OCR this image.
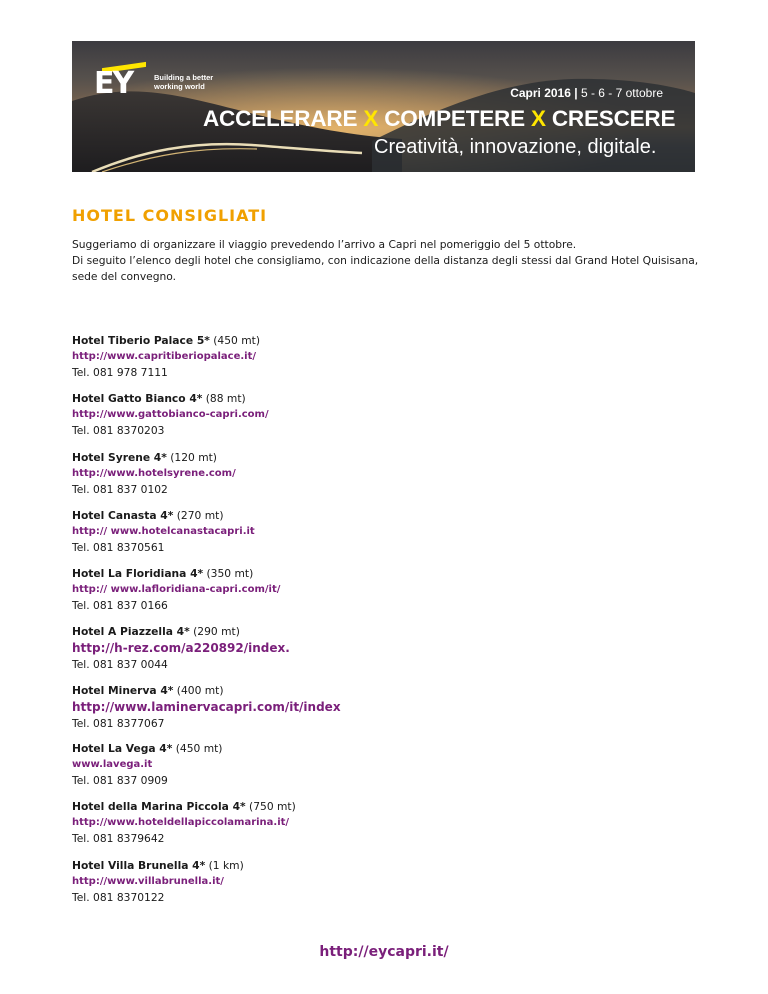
EY	Building a better working world	Capri 2016 | 5 - 6 - 7 ottobre
ACCELERARE X COMPETERE X CRESCERE
Creatività, innovazione, digitale.
HOTEL CONSIGLIATI

Suggeriamo di organizzare il viaggio prevedendo l’arrivo a Capri nel pomeriggio del 5 ottobre.

Di seguito l’elenco degli hotel che consigliamo, con indicazione della distanza degli stessi dal Grand Hotel Quisisana, sede del convegno.

Hotel Tiberio Palace 5* (450 mt)
http://www.capritiberiopalace.it/
Tel. 081 978 7111
Hotel Gatto Bianco 4* (88 mt)
http://www.gattobianco-capri.com/
Tel. 081 8370203
Hotel Syrene 4* (120 mt)
http://www.hotelsyrene.com/
Tel. 081 837 0102
Hotel Canasta 4* (270 mt)
http:// www.hotelcanastacapri.it
Tel. 081 8370561
Hotel La Floridiana 4* (350 mt)
http:// www.lafloridiana-capri.com/it/
Tel. 081 837 0166
Hotel A Piazzella 4* (290 mt)
http://h-rez.com/a220892/index.
Tel. 081 837 0044
Hotel Minerva 4* (400 mt)
http://www.laminervacapri.com/it/index
Tel. 081 8377067
Hotel La Vega 4* (450 mt)
www.lavega.it
Tel. 081 837 0909
Hotel della Marina Piccola 4* (750 mt)
http://www.hoteldellapiccolamarina.it/
Tel. 081 8379642
Hotel Villa Brunella 4* (1 km)
http://www.villabrunella.it/
Tel. 081 8370122
http://eycapri.it/
